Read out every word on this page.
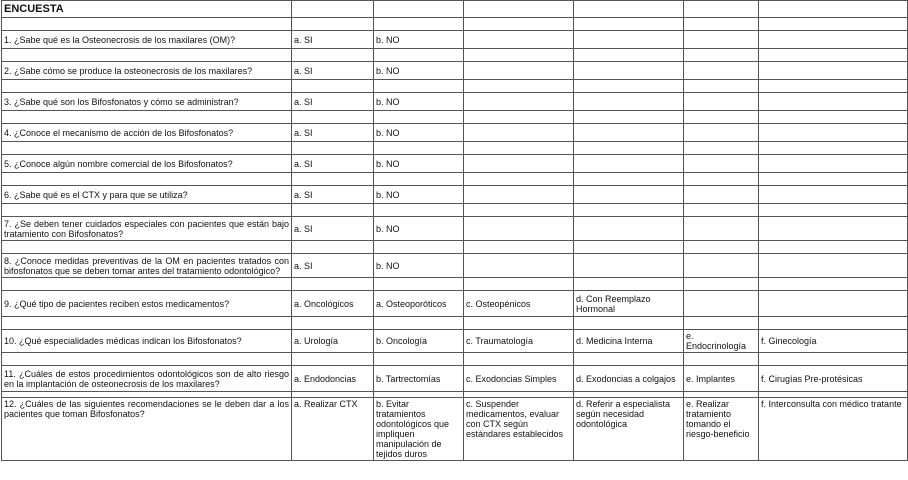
ENCUESTA						

1. ¿Sabe qué es la Osteonecrosis de los maxilares (OM)?	a. SI	b. NO				

2. ¿Sabe cómo se produce la osteonecrosis de los maxilares?	a. SI	b. NO				

3. ¿Sabe qué son los Bifosfonatos y cómo se administran?	a. SI	b. NO				

4. ¿Conoce el mecanismo de acción de los Bifosfonatos?	a. SI	b. NO				

5. ¿Conoce algún nombre comercial de los Bifosfonatos?	a. SI	b. NO				

6. ¿Sabe qué es el CTX y para que se utiliza?	a. SI	b. NO				

7. ¿Se deben tener cuidados especiales con pacientes que están bajo tratamiento con Bifosfonatos?	a. SI	b. NO				

8. ¿Conoce medidas preventivas de la OM en pacientes tratados con bifosfonatos que se deben tomar antes del tratamiento odontológico?	a. SI	b. NO				

9. ¿Qué tipo de pacientes reciben estos medicamentos?	a. Oncológicos	a. Osteoporóticos	c. Osteopénicos	d. Con Reemplazo Hormonal		

10. ¿Qué especialidades médicas indican los Bifosfonatos?	a. Urología	b. Oncología	c. Traumatología	d. Medicina Interna	e. Endocrinología	f. Ginecología

11. ¿Cuáles de estos procedimientos odontológicos son de alto riesgo en la implantación de osteonecrosis de los maxilares?	a. Endodoncias	b. Tartrectomías	c. Exodoncias Simples	d. Exodoncias a colgajos	e. Implantes	f. Cirugías Pre-protésicas

12. ¿Cuáles de las siguientes recomendaciones se le deben dar a los pacientes que toman Bifosfonatos?	a. Realizar CTX	b. Evitar tratamientos odontológicos que impliquen manipulación de tejidos duros	c. Suspender medicamentos, evaluar con CTX según estándares establecidos	d. Referir a especialista según necesidad odontológica	e. Realizar tratamiento tomando el riesgo-beneficio	f. Interconsulta con médico tratante
